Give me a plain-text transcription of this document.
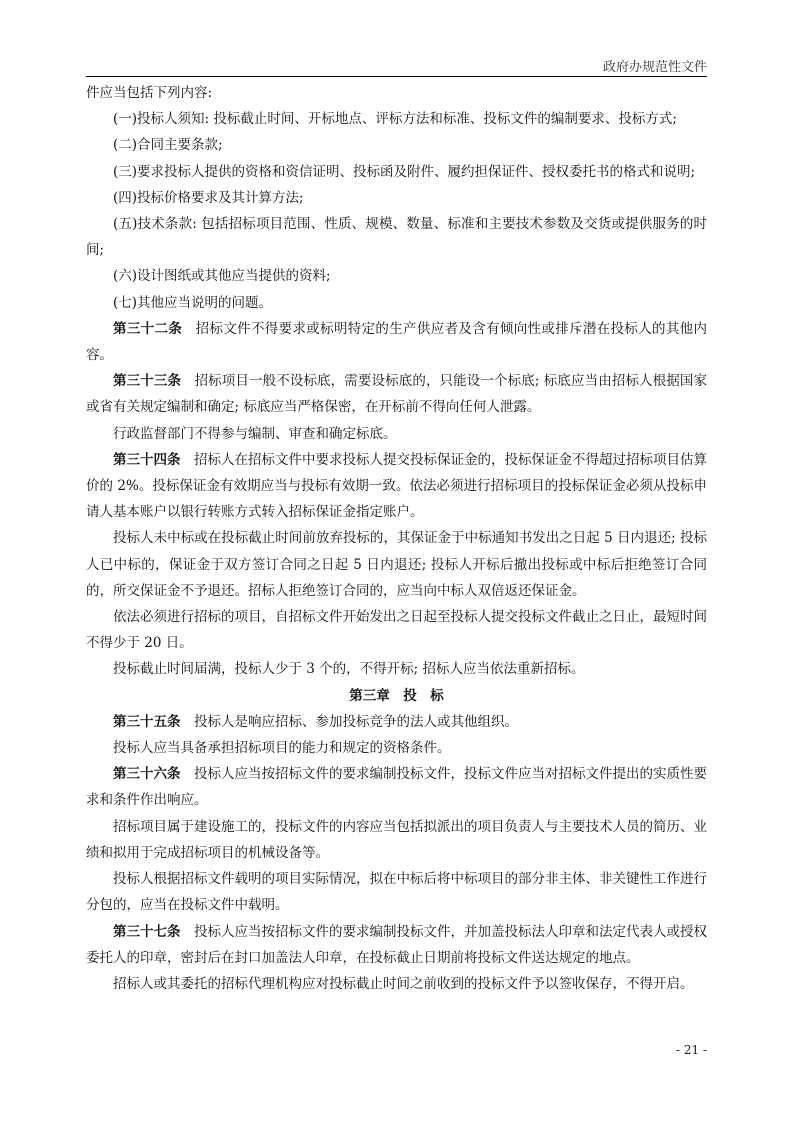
政府办规范性文件

件应当包括下列内容:

(一)投标人须知: 投标截止时间、开标地点、评标方法和标准、投标文件的编制要求、投标方式;

(二)合同主要条款;

(三)要求投标人提供的资格和资信证明、投标函及附件、履约担保证件、授权委托书的格式和说明;

(四)投标价格要求及其计算方法;

(五)技术条款: 包括招标项目范围、性质、规模、数量、标准和主要技术参数及交货或提供服务的时间;

(六)设计图纸或其他应当提供的资料;

(七)其他应当说明的问题。

第三十二条 招标文件不得要求或标明特定的生产供应者及含有倾向性或排斥潜在投标人的其他内容。

第三十三条 招标项目一般不设标底，需要设标底的，只能设一个标底; 标底应当由招标人根据国家或省有关规定编制和确定; 标底应当严格保密，在开标前不得向任何人泄露。

行政监督部门不得参与编制、审查和确定标底。

第三十四条 招标人在招标文件中要求投标人提交投标保证金的，投标保证金不得超过招标项目估算价的 2%。投标保证金有效期应当与投标有效期一致。依法必须进行招标项目的投标保证金必须从投标申请人基本账户以银行转账方式转入招标保证金指定账户。

投标人未中标或在投标截止时间前放弃投标的，其保证金于中标通知书发出之日起 5 日内退还; 投标人已中标的，保证金于双方签订合同之日起 5 日内退还; 投标人开标后撤出投标或中标后拒绝签订合同的，所交保证金不予退还。招标人拒绝签订合同的，应当向中标人双倍返还保证金。

依法必须进行招标的项目，自招标文件开始发出之日起至投标人提交投标文件截止之日止，最短时间不得少于 20 日。

投标截止时间届满，投标人少于 3 个的，不得开标; 招标人应当依法重新招标。

第三章　投　标

第三十五条 投标人是响应招标、参加投标竞争的法人或其他组织。

投标人应当具备承担招标项目的能力和规定的资格条件。

第三十六条 投标人应当按招标文件的要求编制投标文件，投标文件应当对招标文件提出的实质性要求和条件作出响应。

招标项目属于建设施工的，投标文件的内容应当包括拟派出的项目负责人与主要技术人员的简历、业绩和拟用于完成招标项目的机械设备等。

投标人根据招标文件载明的项目实际情况，拟在中标后将中标项目的部分非主体、非关键性工作进行分包的，应当在投标文件中载明。

第三十七条 投标人应当按招标文件的要求编制投标文件，并加盖投标法人印章和法定代表人或授权委托人的印章，密封后在封口加盖法人印章，在投标截止日期前将投标文件送达规定的地点。

招标人或其委托的招标代理机构应对投标截止时间之前收到的投标文件予以签收保存，不得开启。

- 21 -
